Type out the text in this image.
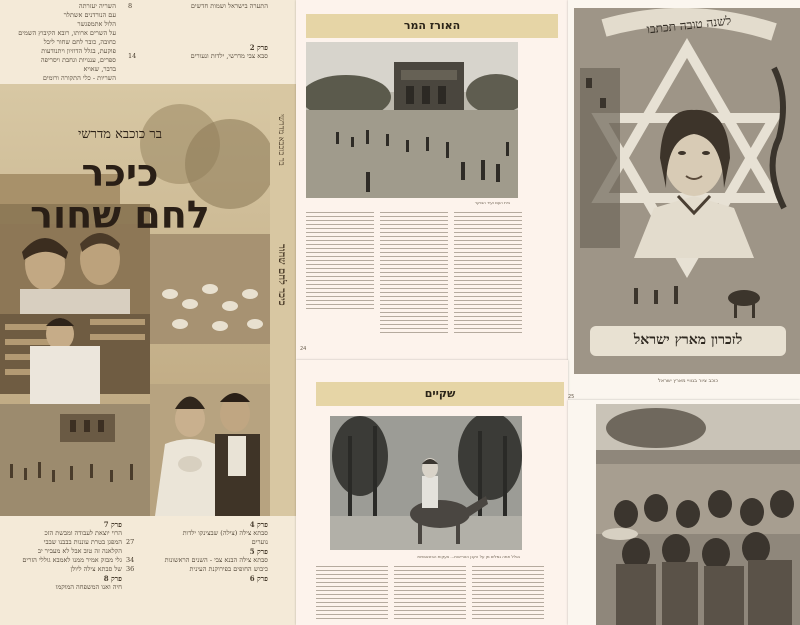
התערה בישראל ושמות חדשים
8
פרק 2
סבא צבי מדרשי, ילדות ונעורים
14
השריה יעזרתה
עם הנורדנים אשתלר
הלול אתמפגשר
על השרים ארותו, רובא הקיבוץ השמים
כחובה, כובר לחם שחור ליבל
פוקעת, בגלל הדוזיון ויתנודעות
ספרים, עננויות וגחבת ויסריפה
בדבר, שאויא
השריות - כלי התקורה ורומים
בר כוכבא מדרשי
כיכר
לחם שחור
בר כוכבא מדרשי
כיכר לחם שחור
פרק 7
הרוי יוצאת לעבודה ומבשת הזכ
המפגן בטרת עוננות בבבנו שבבי
הקלאנה זה טוב אבל לא מעביר יב
גלי מבזק אמיר ממנו לאמבא גוללי הזרים
של סבתא צילה ליולן
פרק 8
חיה ואנו המשפחה המוקמו
פרק 4
סבתא צילה (צילה) שבצינקו ילדות
נוערים
27
פרק 5
סבתא צילה הבנא צבי - השנים הראשונות
34
כיבוש החופים בפירוקנת העינית
36
פרק 6
האורז המר
בית העם ועיר הבוקר
24
לשנה טובה תכתבו
לזכרון מארץ ישראל
כוכב ציור בגוויי מארץ ישראל
25
שקיים
בגלל חמה גמלים מן על הקנן הטריאות... צעקות הבזנאבפות
